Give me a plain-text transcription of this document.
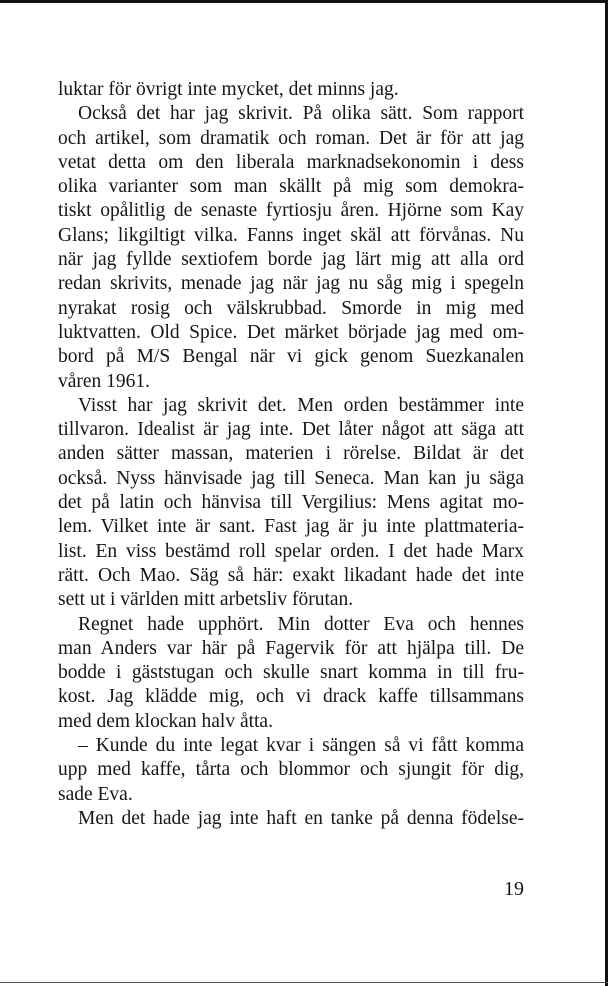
luktar för övrigt inte mycket, det minns jag.
Också det har jag skrivit. På olika sätt. Som rapport
och artikel, som dramatik och roman. Det är för att jag
vetat detta om den liberala marknadsekonomin i dess
olika varianter som man skällt på mig som demokra-
tiskt opålitlig de senaste fyrtiosju åren. Hjörne som Kay
Glans; likgiltigt vilka. Fanns inget skäl att förvånas. Nu
när jag fyllde sextiofem borde jag lärt mig att alla ord
redan skrivits, menade jag när jag nu såg mig i spegeln
nyrakat rosig och välskrubbad. Smorde in mig med
luktvatten. Old Spice. Det märket började jag med om-
bord på M/S Bengal när vi gick genom Suezkanalen
våren 1961.
Visst har jag skrivit det. Men orden bestämmer inte
tillvaron. Idealist är jag inte. Det låter något att säga att
anden sätter massan, materien i rörelse. Bildat är det
också. Nyss hänvisade jag till Seneca. Man kan ju säga
det på latin och hänvisa till Vergilius: Mens agitat mo-
lem. Vilket inte är sant. Fast jag är ju inte plattmateria-
list. En viss bestämd roll spelar orden. I det hade Marx
rätt. Och Mao. Säg så här: exakt likadant hade det inte
sett ut i världen mitt arbetsliv förutan.
Regnet hade upphört. Min dotter Eva och hennes
man Anders var här på Fagervik för att hjälpa till. De
bodde i gäststugan och skulle snart komma in till fru-
kost. Jag klädde mig, och vi drack kaffe tillsammans
med dem klockan halv åtta.
– Kunde du inte legat kvar i sängen så vi fått komma
upp med kaffe, tårta och blommor och sjungit för dig,
sade Eva.
Men det hade jag inte haft en tanke på denna födelse-
19
